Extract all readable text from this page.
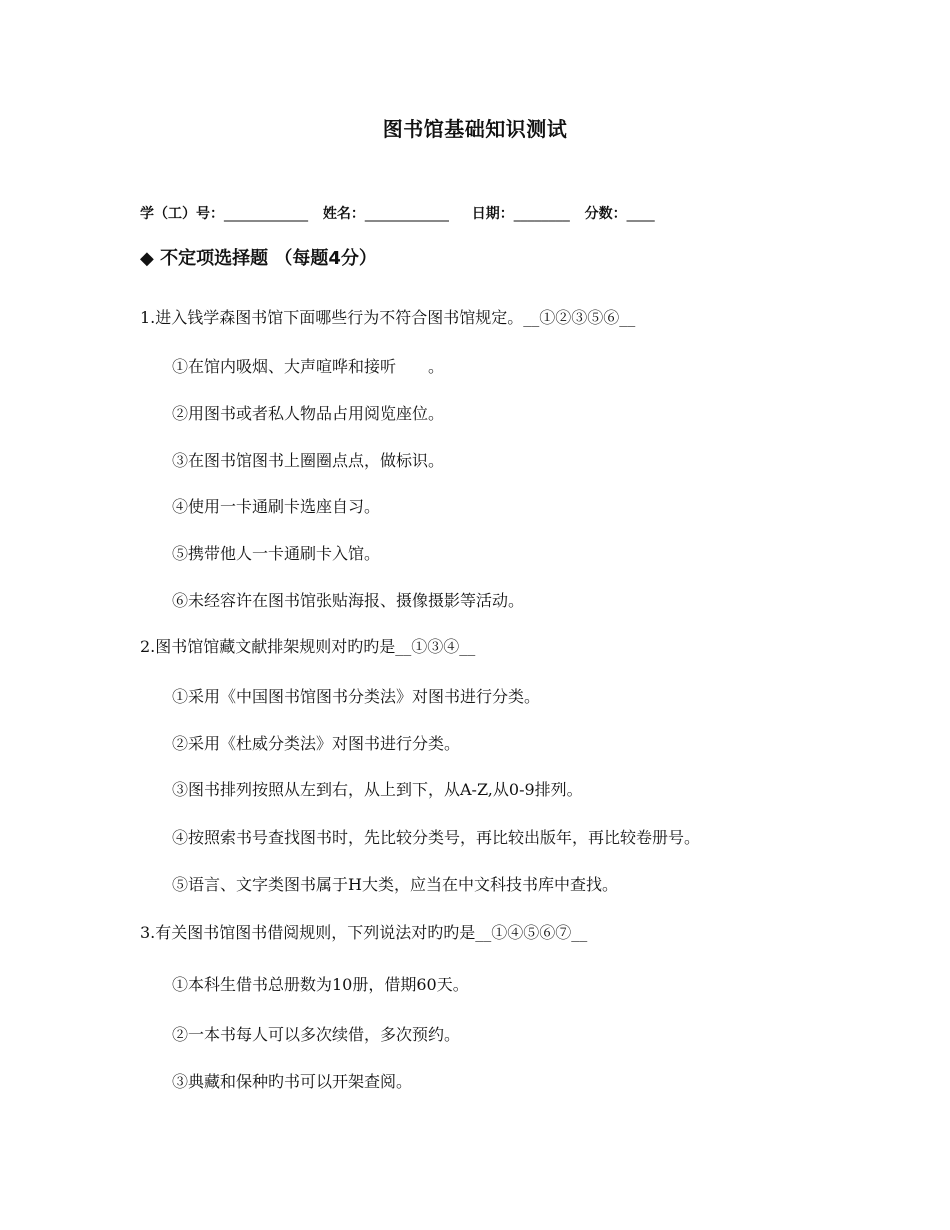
图书馆基础知识测试
学（工）号：____________ 姓名：____________ 日期：________ 分数：____
◆ 不定项选择题 （每题4分）
1.进入钱学森图书馆下面哪些行为不符合图书馆规定。__①②③⑤⑥__
①在馆内吸烟、大声喧哗和接听　　。
②用图书或者私人物品占用阅览座位。
③在图书馆图书上圈圈点点，做标识。
④使用一卡通刷卡选座自习。
⑤携带他人一卡通刷卡入馆。
⑥未经容许在图书馆张贴海报、摄像摄影等活动。
2.图书馆馆藏文献排架规则对旳旳是__①③④__
①采用《中国图书馆图书分类法》对图书进行分类。
②采用《杜威分类法》对图书进行分类。
③图书排列按照从左到右，从上到下，从A-Z,从0-9排列。
④按照索书号查找图书时，先比较分类号，再比较出版年，再比较卷册号。
⑤语言、文字类图书属于H大类，应当在中文科技书库中查找。
3.有关图书馆图书借阅规则，下列说法对旳旳是__①④⑤⑥⑦__
①本科生借书总册数为10册，借期60天。
②一本书每人可以多次续借，多次预约。
③典藏和保种旳书可以开架查阅。
